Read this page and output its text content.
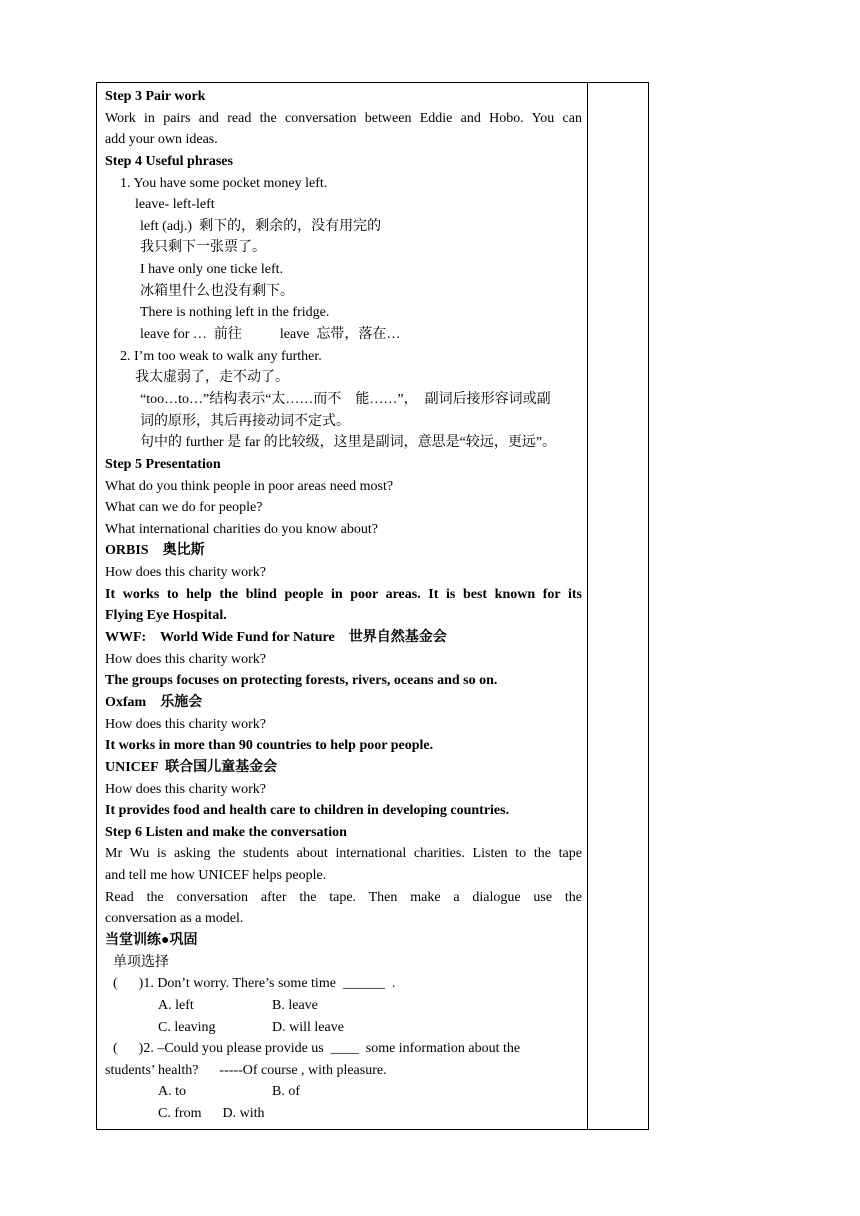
Step 3 Pair work
Work in pairs and read the conversation between Eddie and Hobo. You can
add your own ideas.
Step 4 Useful phrases
1. You have some pocket money left.
leave- left-left
left (adj.)  剩下的，剩余的，没有用完的
我只剩下一张票了。
I have only one ticke left.
冰箱里什么也没有剩下。
There is nothing left in the fridge.
leave for …  前往	leave  忘带，落在…
2. I’m too weak to walk any further.
我太虚弱了，走不动了。
“too…to…”结构表示“太……而不    能……”，  副词后接形容词或副
词的原形，其后再接动词不定式。
句中的 further 是 far 的比较级，这里是副词，意思是“较远，更远”。
Step 5 Presentation
What do you think people in poor areas need most?
What can we do for people?
What international charities do you know about?
ORBIS    奥比斯
How does this charity work?
It works to help the blind people in poor areas. It is best known for its
Flying Eye Hospital.
WWF:    World Wide Fund for Nature    世界自然基金会
How does this charity work?
The groups focuses on protecting forests, rivers, oceans and so on.
Oxfam    乐施会
How does this charity work?
It works in more than 90 countries to help poor people.
UNICEF  联合国儿童基金会
How does this charity work?
It provides food and health care to children in developing countries.
Step 6 Listen and make the conversation
Mr Wu is asking the students about international charities. Listen to the tape
and tell me how UNICEF helps people.
Read the conversation after the tape. Then make a dialogue use the
conversation as a model.
当堂训练●巩固
单项选择
(      )1. Don’t worry. There’s some time  ______  .
A. left	B. leave
C. leaving	D. will leave
(      )2. –Could you please provide us  ____  some information about the
students’ health?      -----Of course , with pleasure.
A. to	B. of
C. from      D. with
